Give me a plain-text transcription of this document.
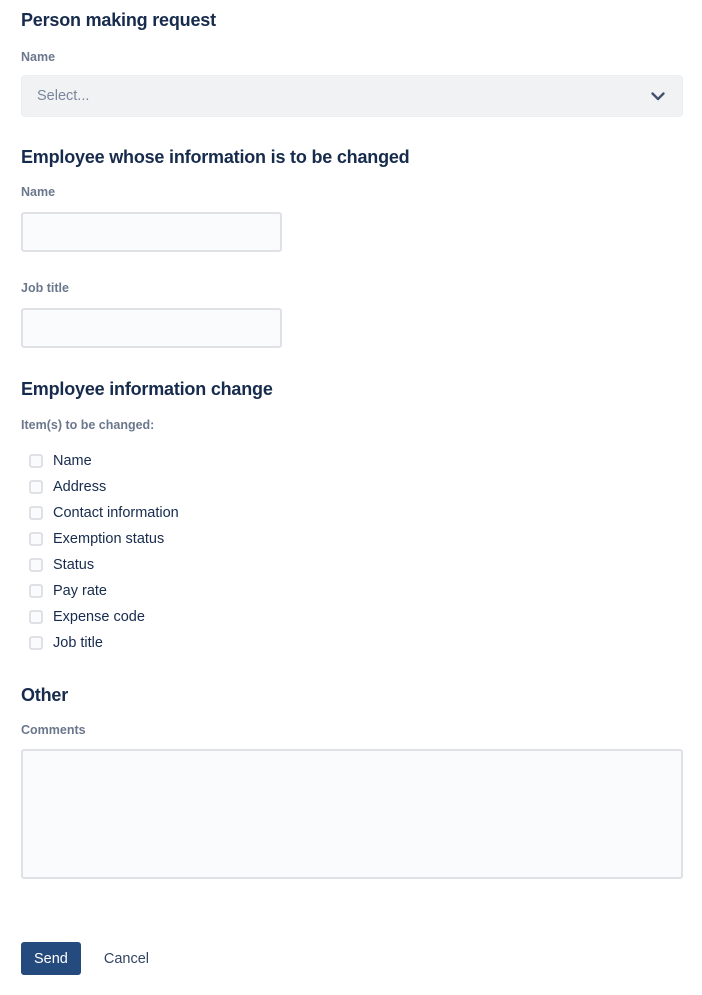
Person making request
Name
Select...
Employee whose information is to be changed
Name
Job title
Employee information change
Item(s) to be changed:
Name
Address
Contact information
Exemption status
Status
Pay rate
Expense code
Job title
Other
Comments
Send	Cancel
